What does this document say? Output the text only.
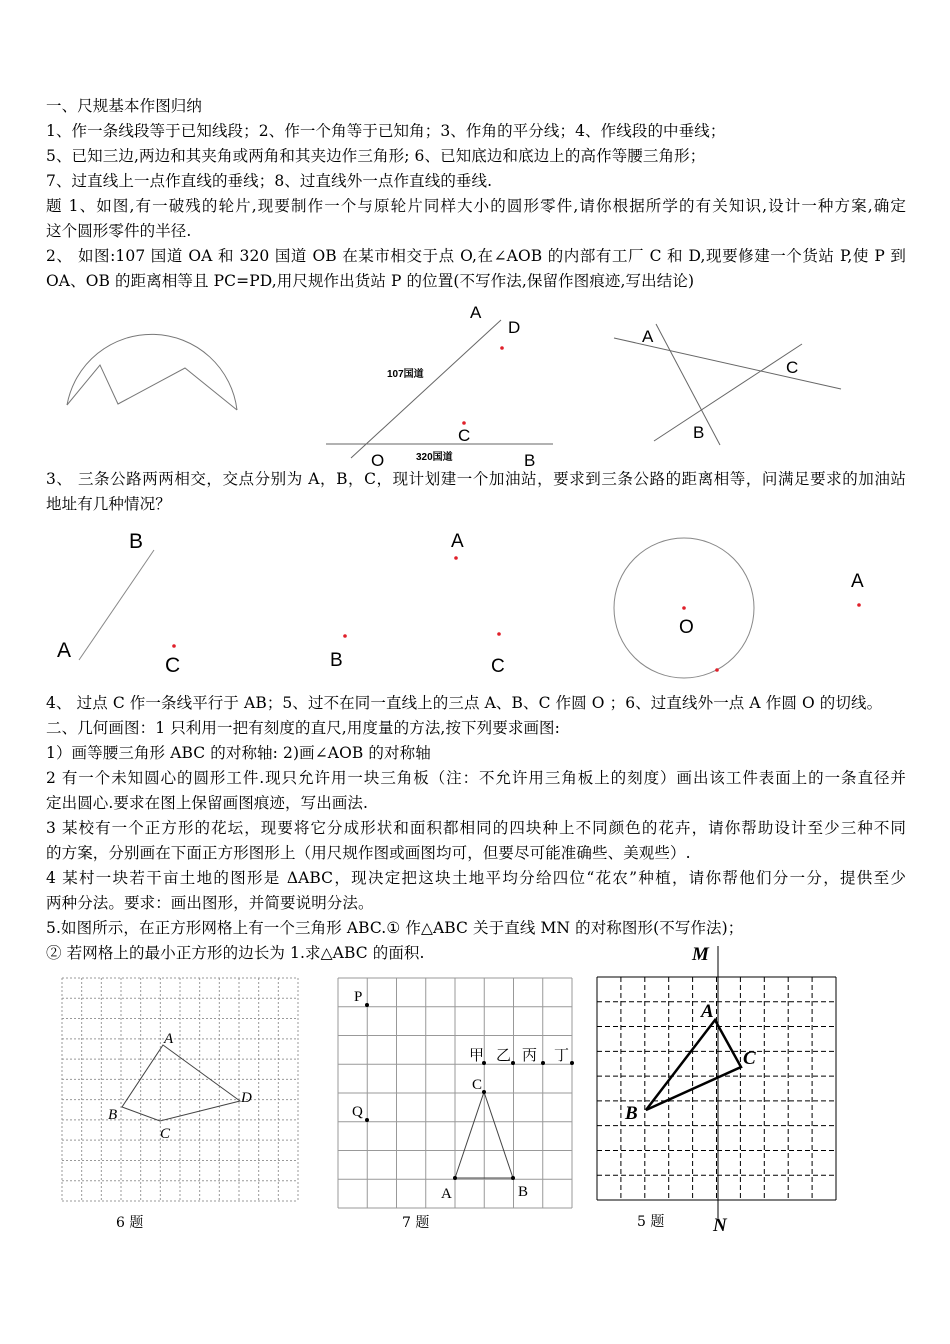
一、尺规基本作图归纳
1、作一条线段等于已知线段；2、作一个角等于已知角；3、作角的平分线；4、作线段的中垂线；
5、已知三边,两边和其夹角或两角和其夹边作三角形; 6、已知底边和底边上的高作等腰三角形；
7、过直线上一点作直线的垂线；8、过直线外一点作直线的垂线.
题 1、如图,有一破残的轮片,现要制作一个与原轮片同样大小的圆形零件,请你根据所学的有关知识,设计一种方案,确定
这个圆形零件的半径.
2、 如图:107 国道 OA 和 320 国道 OB 在某市相交于点 O,在∠AOB 的内部有工厂 C 和 D,现要修建一个货站 P,使 P 到
OA、OB 的距离相等且 PC=PD,用尺规作出货站 P 的位置(不写作法,保留作图痕迹,写出结论)
3、 三条公路两两相交，交点分别为 A，B，C，现计划建一个加油站，要求到三条公路的距离相等，问满足要求的加油站
地址有几种情况？
4、 过点 C 作一条线平行于 AB；5、过不在同一直线上的三点 A、B、C 作圆 O ；6、过直线外一点 A 作圆 O 的切线。
二、几何画图：1 只利用一把有刻度的直尺,用度量的方法,按下列要求画图:
1）画等腰三角形 ABC 的对称轴: 2)画∠AOB 的对称轴
2 有一个未知圆心的圆形工件.现只允许用一块三角板（注：不允许用三角板上的刻度）画出该工件表面上的一条直径并
定出圆心.要求在图上保留画图痕迹，写出画法.
3 某校有一个正方形的花坛，现要将它分成形状和面积都相同的四块种上不同颜色的花卉，请你帮助设计至少三种不同
的方案，分别画在下面正方形图形上（用尺规作图或画图均可，但要尽可能准确些、美观些）.
4 某村一块若干亩土地的图形是 ΔABC，现决定把这块土地平均分给四位“花农”种植，请你帮他们分一分，提供至少
两种分法。要求：画出图形，并简要说明分法。
5.如图所示，在正方形网格上有一个三角形 ABC.① 作△ABC 关于直线 MN 的对称图形(不写作法)；
② 若网格上的最小正方形的边长为 1.求△ABC 的面积.
A
D
C
O	B
107国道
320国道
A
C
B
B
A
C
A
B	C
O
A
A
B
C
D
6 题
P
Q
甲 乙 丙 丁
C
A	B
7 题
M
N
A
C
B
5 题
